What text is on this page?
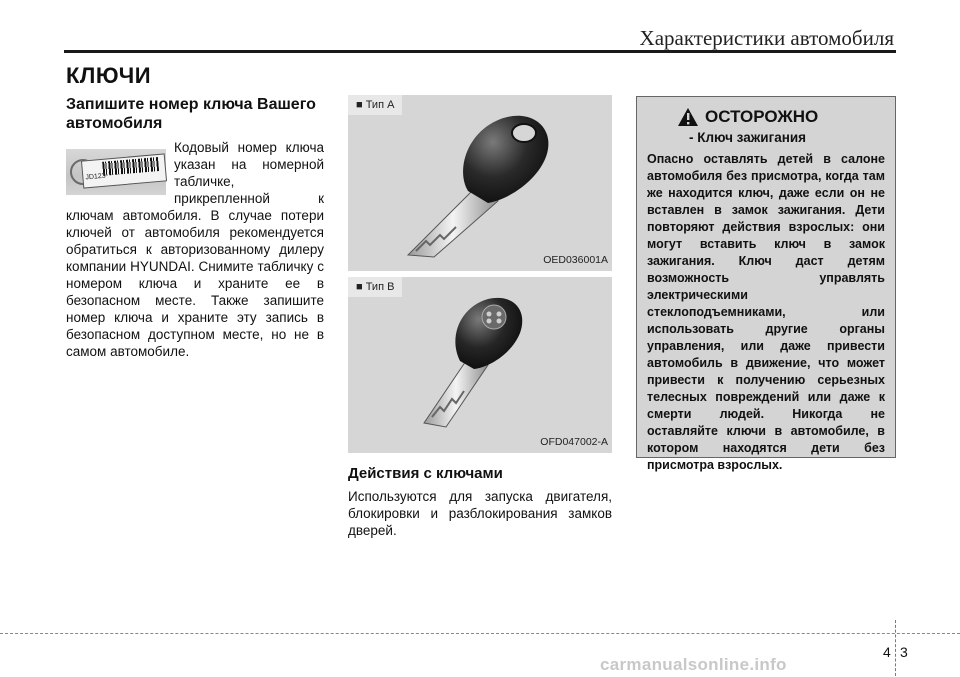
Характеристики автомобиля
КЛЮЧИ

Запишите номер ключа Вашего автомобиля

JD123

Кодовый номер ключа указан на номерной табличке, прикрепленной к ключам автомобиля. В случае потери ключей от автомобиля рекомендуется обратиться к авторизованному дилеру компании HYUNDAI. Снимите табличку с номером ключа и храните ее в безопасном месте. Также запишите номер ключа и храните эту запись в безопасном доступном месте, но не в самом автомобиле.

■ Тип А
OED036001A
■ Тип В
OFD047002-A

Действия с ключами

Используются для запуска двигателя, блокировки и разблокирования замков дверей.

ОСТОРОЖНО
- Ключ зажигания

Опасно оставлять детей в салоне автомобиля без присмотра, когда там же находится ключ, даже если он не вставлен в замок зажигания. Дети повторяют действия взрослых: они могут вставить ключ в замок зажигания. Ключ даст детям возможность управлять электрическими стеклоподъемниками, или использовать другие органы управления, или даже привести автомобиль в движение, что может привести к получению серьезных телесных повреждений или даже к смерти людей. Никогда не оставляйте ключи в автомобиле, в котором находятся дети без присмотра взрослых.

4 3
carmanualsonline.info
